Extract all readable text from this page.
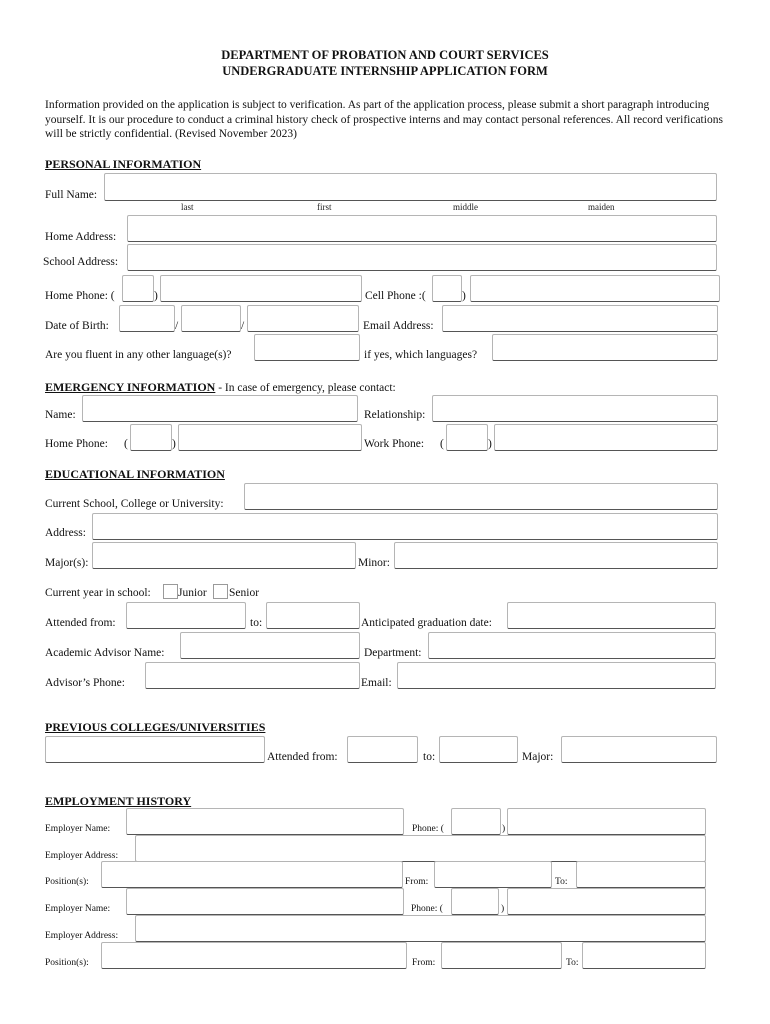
DEPARTMENT OF PROBATION AND COURT SERVICES
UNDERGRADUATE INTERNSHIP APPLICATION FORM
Information provided on the application is subject to verification. As part of the application process, please submit a short paragraph introducing yourself. It is our procedure to conduct a criminal history check of prospective interns and may contact personal references. All record verifications will be strictly confidential. (Revised November 2023)
PERSONAL INFORMATION
Full Name:
last	first	middle	maiden
Home Address:
School Address:
Home Phone: (	)	Cell Phone :(	)
Date of Birth:	/	/	Email Address:
Are you fluent in any other language(s)?	if yes, which languages?
EMERGENCY INFORMATION - In case of emergency, please contact:
Name:	Relationship:
Home Phone: (	)	Work Phone: (	)
EDUCATIONAL INFORMATION
Current School, College or University:
Address:
Major(s):	Minor:
Current year in school: Junior Senior
Attended from:	to:	Anticipated graduation date:
Academic Advisor Name:	Department:
Advisor’s Phone:	Email:
PREVIOUS COLLEGES/UNIVERSITIES
Attended from:	to:	Major:
EMPLOYMENT HISTORY
Employer Name:	Phone: (	)
Employer Address:
Position(s):	From:	To:
Employer Name:	Phone: (	)
Employer Address:
Position(s):	From:	To:
